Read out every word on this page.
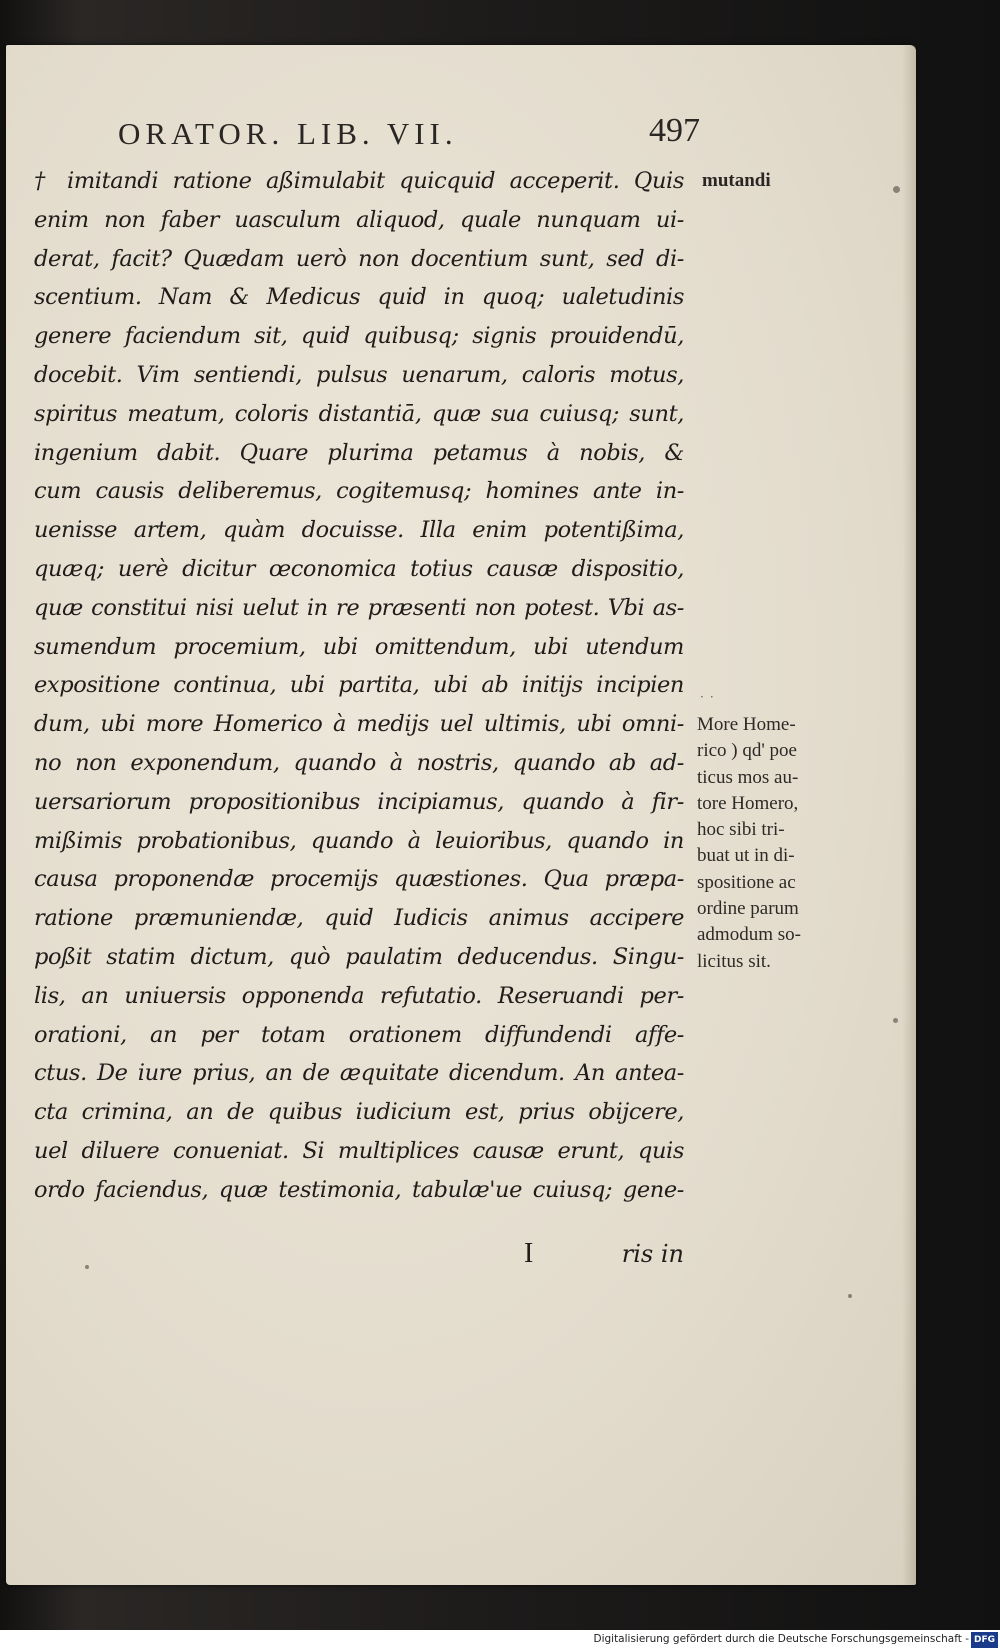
ORATOR. LIB. VII.	497
mutandi
† imitandi ratione aßimulabit quicquid acceperit. Quis
enim non faber uasculum aliquod, quale nunquam ui-
derat, facit? Quædam uerò non docentium sunt, sed di-
scentium. Nam & Medicus quid in quoq; ualetudinis
genere faciendum sit, quid quibusq; signis prouidendū,
docebit. Vim sentiendi, pulsus uenarum, caloris motus,
spiritus meatum, coloris distantiā, quæ sua cuiusq; sunt,
ingenium dabit. Quare plurima petamus à nobis, &
cum causis deliberemus, cogitemusq; homines ante in-
uenisse artem, quàm docuisse. Illa enim potentißima,
quæq; uerè dicitur œconomica totius causæ dispositio,
quæ constitui nisi uelut in re præsenti non potest. Vbi as-
sumendum procemium, ubi omittendum, ubi utendum
expositione continua, ubi partita, ubi ab initijs incipien
dum, ubi more Homerico à medijs uel ultimis, ubi omni-
no non exponendum, quando à nostris, quando ab ad-
uersariorum propositionibus incipiamus, quando à fir-
mißimis probationibus, quando à leuioribus, quando in
causa proponendæ procemijs quæstiones. Qua præpa-
ratione præmuniendæ, quid Iudicis animus accipere
poßit statim dictum, quò paulatim deducendus. Singu-
lis, an uniuersis opponenda refutatio. Reseruandi per-
orationi, an per totam orationem diffundendi affe-
ctus. De iure prius, an de æquitate dicendum. An antea-
cta crimina, an de quibus iudicium est, prius obijcere,
uel diluere conueniat. Si multiplices causæ erunt, quis
ordo faciendus, quæ testimonia, tabulæ'ue cuiusq; gene-
I	ris in
··
More Home-
rico ) qd' poe
ticus mos au-
tore Homero,
hoc sibi tri-
buat ut in di-
spositione ac
ordine parum
admodum so-
licitus sit.
Digitalisierung gefördert durch die Deutsche Forschungsgemeinschaft - DFG
